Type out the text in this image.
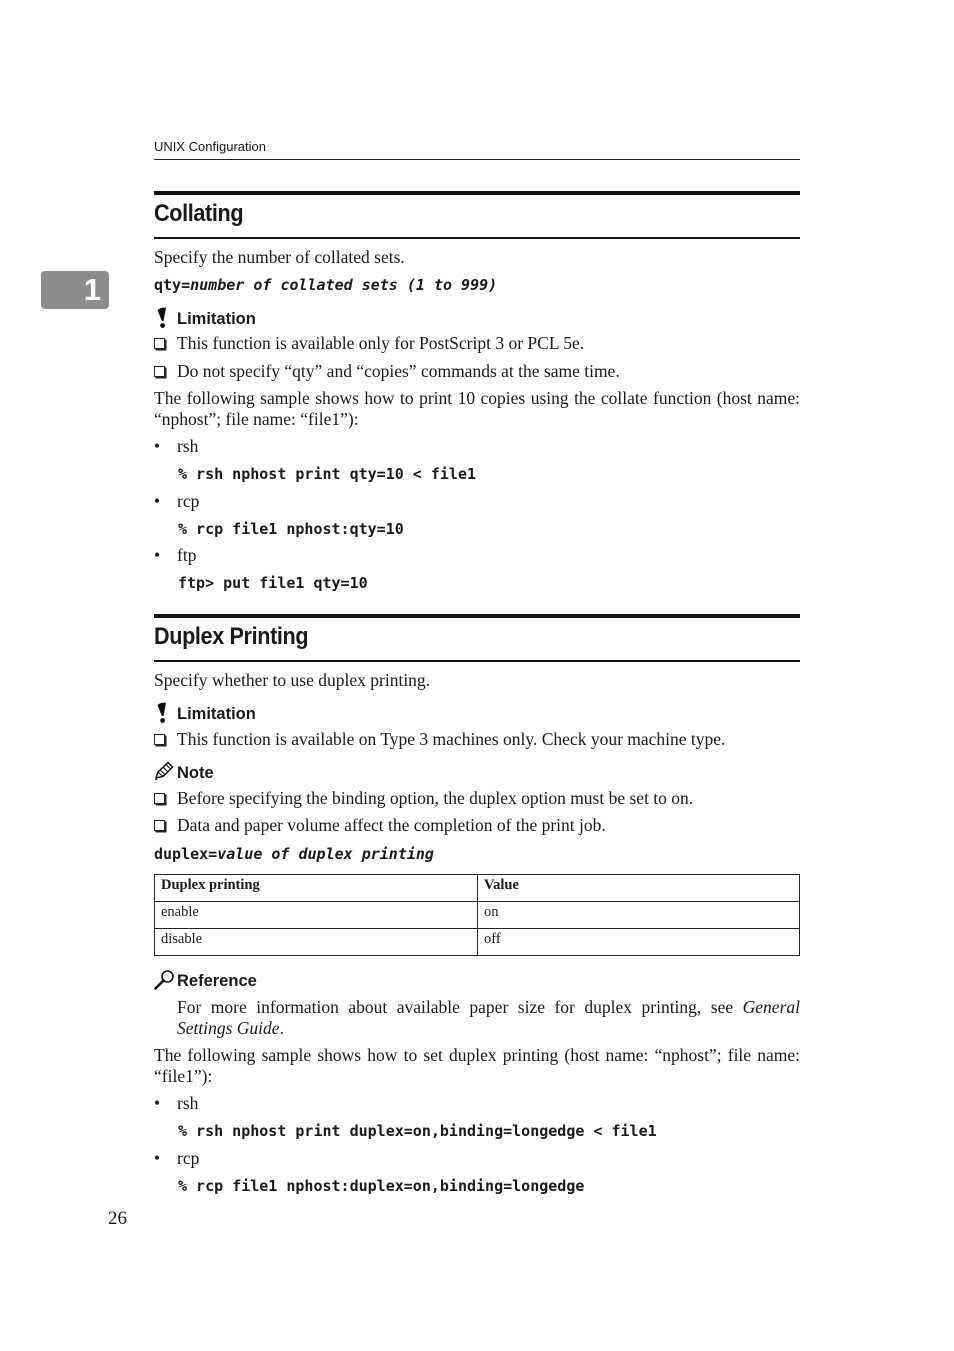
UNIX Configuration
1
Collating
Specify the number of collated sets.
qty=number of collated sets (1 to 999)
Limitation
This function is available only for PostScript 3 or PCL 5e.
Do not specify “qty” and “copies” commands at the same time.
The following sample shows how to print 10 copies using the collate function (host name: “nphost”; file name: “file1”):
• rsh
% rsh nphost print qty=10 < file1
• rcp
% rcp file1 nphost:qty=10
• ftp
ftp> put file1 qty=10
Duplex Printing
Specify whether to use duplex printing.
Limitation
This function is available on Type 3 machines only. Check your machine type.
Note
Before specifying the binding option, the duplex option must be set to on.
Data and paper volume affect the completion of the print job.
duplex=value of duplex printing
Duplex printing	Value
enable	on
disable	off
Reference
For more information about available paper size for duplex printing, see General Settings Guide.
The following sample shows how to set duplex printing (host name: “nphost”; file name: “file1”):
• rsh
% rsh nphost print duplex=on,binding=longedge < file1
• rcp
% rcp file1 nphost:duplex=on,binding=longedge
26
